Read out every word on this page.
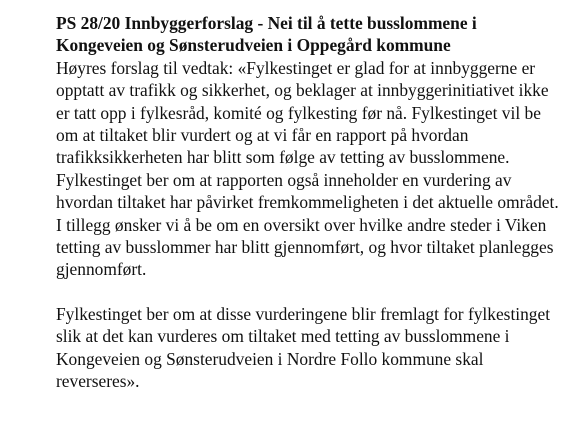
PS 28/20 Innbyggerforslag - Nei til å tette busslommene i Kongeveien og Sønsterudveien i Oppegård kommune

Høyres forslag til vedtak: «Fylkestinget er glad for at innbyggerne er opptatt av trafikk og sikkerhet, og beklager at innbyggerinitiativet ikke er tatt opp i fylkesråd, komité og fylkesting før nå. Fylkestinget vil be om at tiltaket blir vurdert og at vi får en rapport på hvordan trafikksikkerheten har blitt som følge av tetting av busslommene. Fylkestinget ber om at rapporten også inneholder en vurdering av hvordan tiltaket har påvirket fremkommeligheten i det aktuelle området. I tillegg ønsker vi å be om en oversikt over hvilke andre steder i Viken tetting av busslommer har blitt gjennomført, og hvor tiltaket planlegges gjennomført.

Fylkestinget ber om at disse vurderingene blir fremlagt for fylkestinget slik at det kan vurderes om tiltaket med tetting av busslommene i Kongeveien og Sønsterudveien i Nordre Follo kommune skal reverseres».
